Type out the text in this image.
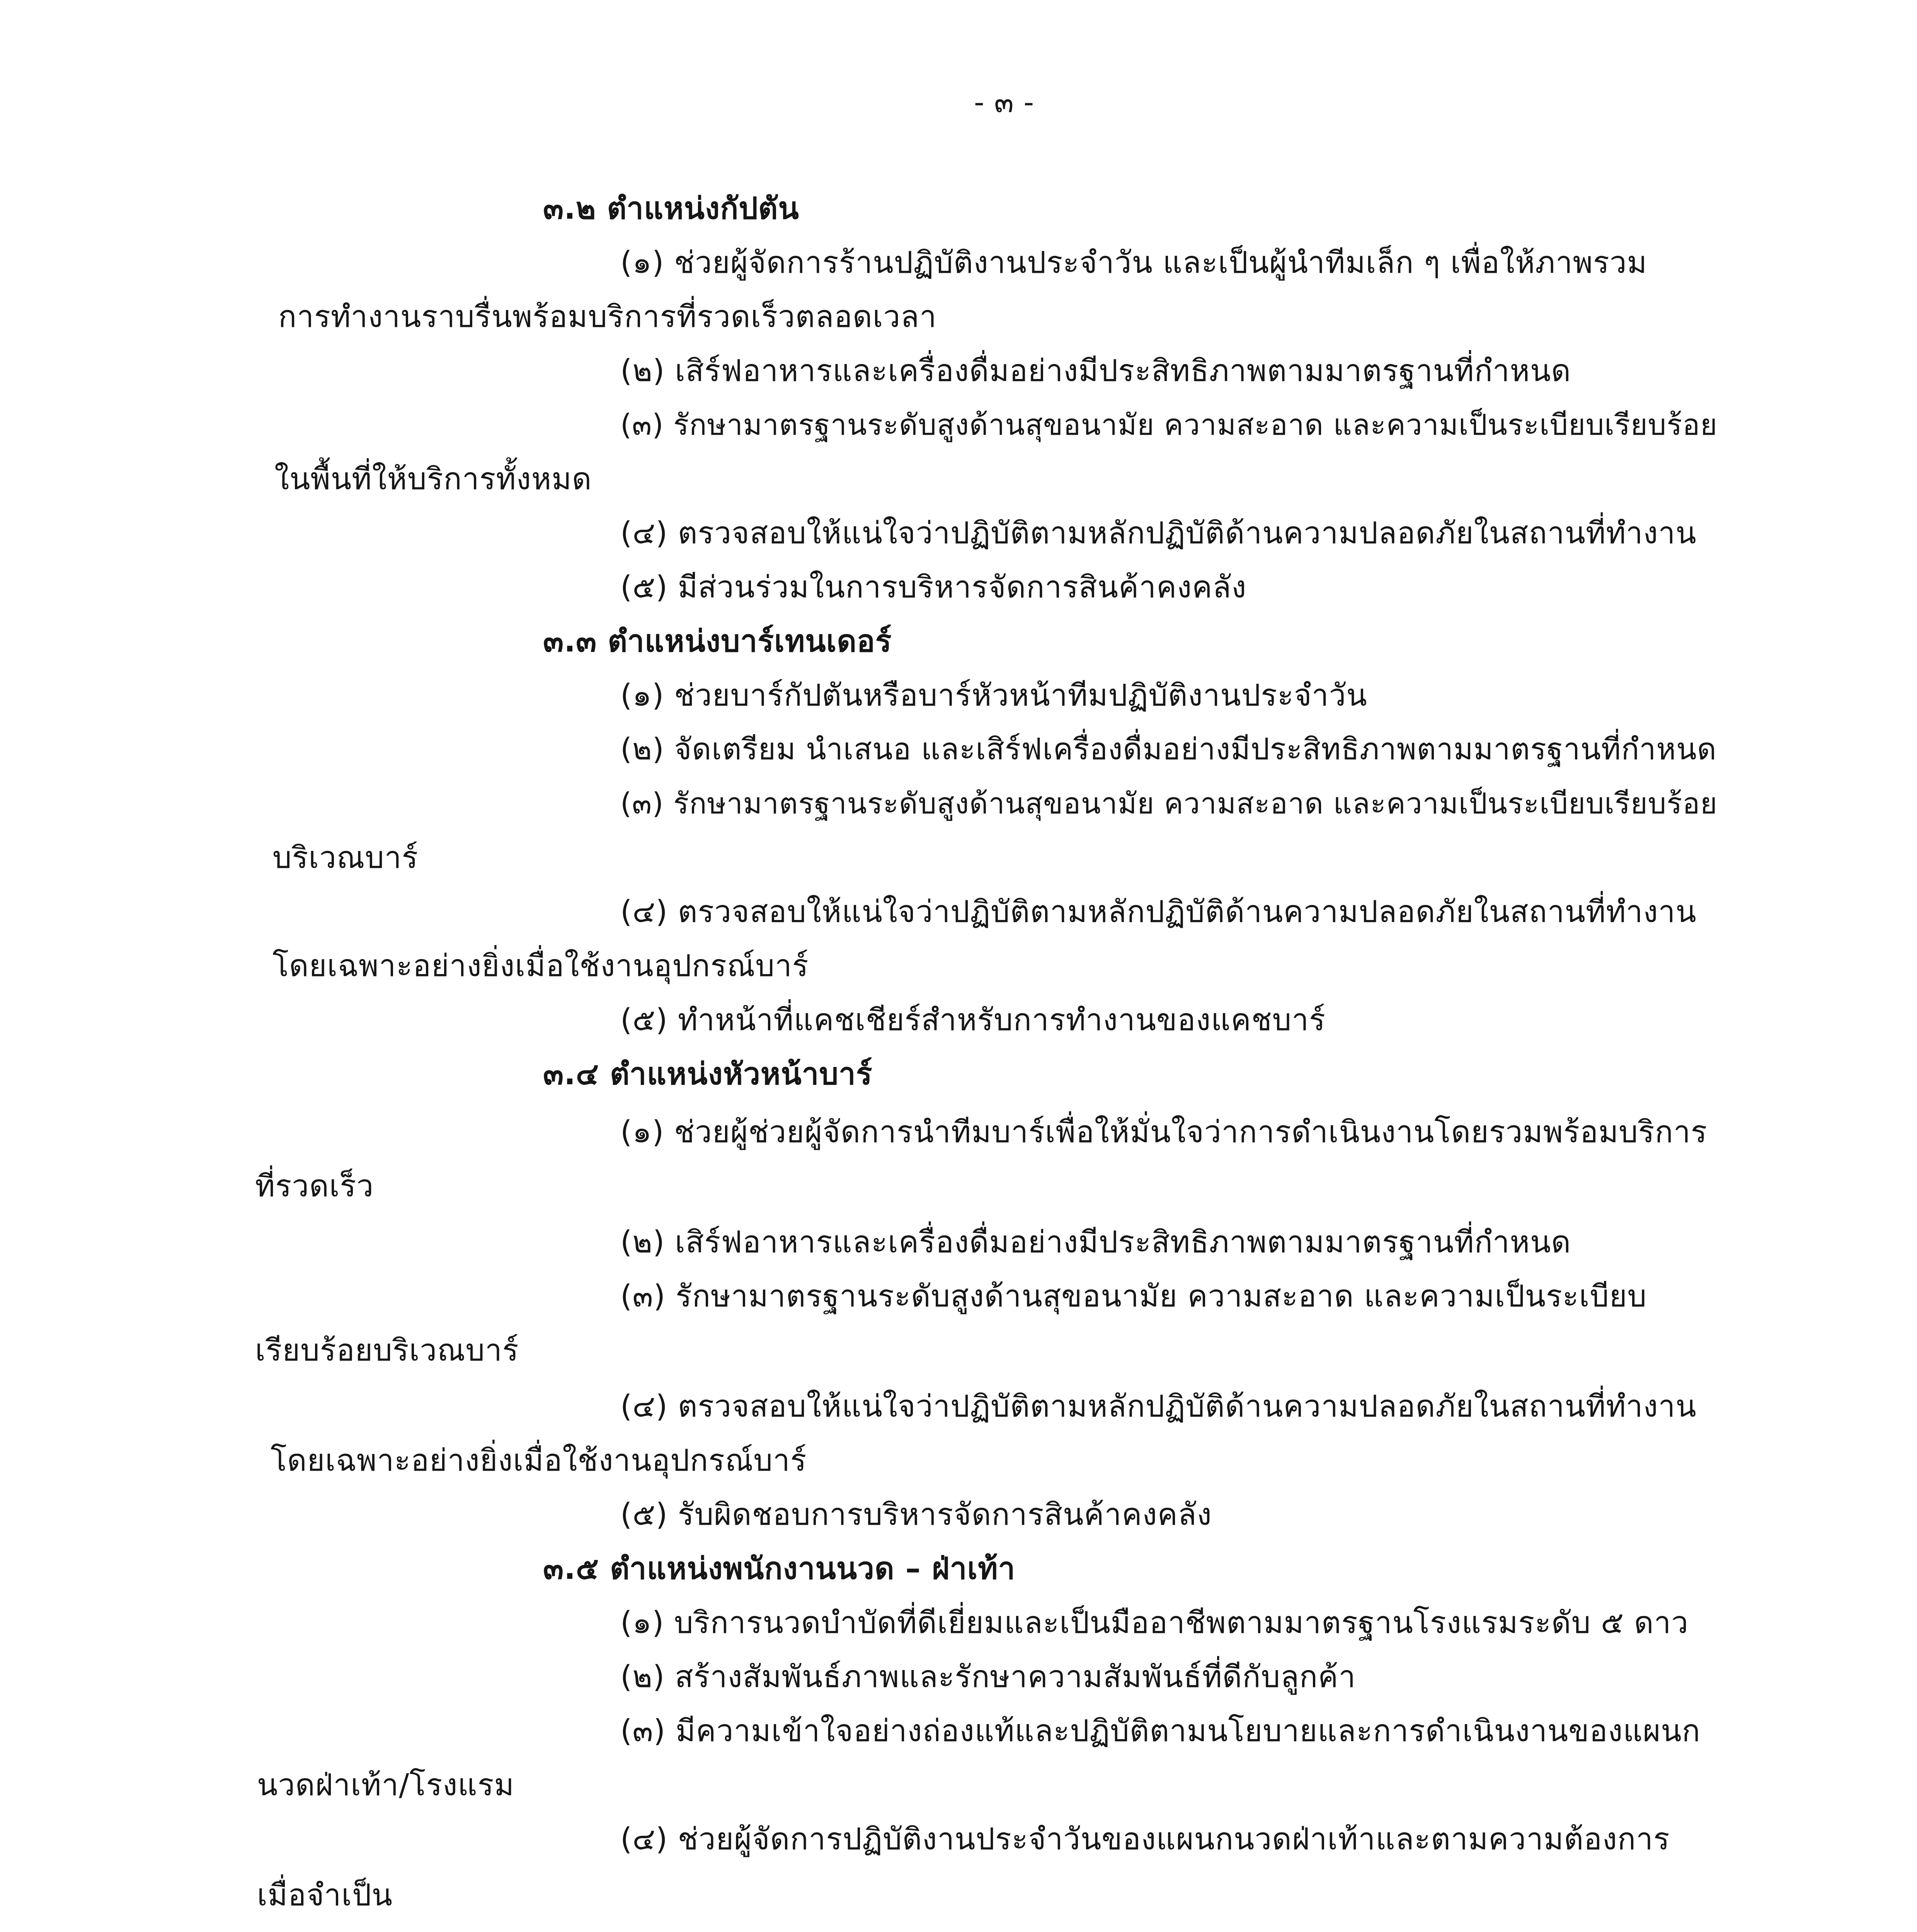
- ๓ -
๓.๒ ตำแหน่งกัปตัน
(๑) ช่วยผู้จัดการร้านปฏิบัติงานประจำวัน และเป็นผู้นำทีมเล็ก ๆ เพื่อให้ภาพรวม
การทำงานราบรื่นพร้อมบริการที่รวดเร็วตลอดเวลา
(๒) เสิร์ฟอาหารและเครื่องดื่มอย่างมีประสิทธิภาพตามมาตรฐานที่กำหนด
(๓) รักษามาตรฐานระดับสูงด้านสุขอนามัย ความสะอาด และความเป็นระเบียบเรียบร้อย
ในพื้นที่ให้บริการทั้งหมด
(๔) ตรวจสอบให้แน่ใจว่าปฏิบัติตามหลักปฏิบัติด้านความปลอดภัยในสถานที่ทำงาน
(๕) มีส่วนร่วมในการบริหารจัดการสินค้าคงคลัง
๓.๓ ตำแหน่งบาร์เทนเดอร์
(๑) ช่วยบาร์กัปตันหรือบาร์หัวหน้าทีมปฏิบัติงานประจำวัน
(๒) จัดเตรียม นำเสนอ และเสิร์ฟเครื่องดื่มอย่างมีประสิทธิภาพตามมาตรฐานที่กำหนด
(๓) รักษามาตรฐานระดับสูงด้านสุขอนามัย ความสะอาด และความเป็นระเบียบเรียบร้อย
บริเวณบาร์
(๔) ตรวจสอบให้แน่ใจว่าปฏิบัติตามหลักปฏิบัติด้านความปลอดภัยในสถานที่ทำงาน
โดยเฉพาะอย่างยิ่งเมื่อใช้งานอุปกรณ์บาร์
(๕) ทำหน้าที่แคชเชียร์สำหรับการทำงานของแคชบาร์
๓.๔ ตำแหน่งหัวหน้าบาร์
(๑) ช่วยผู้ช่วยผู้จัดการนำทีมบาร์เพื่อให้มั่นใจว่าการดำเนินงานโดยรวมพร้อมบริการ
ที่รวดเร็ว
(๒) เสิร์ฟอาหารและเครื่องดื่มอย่างมีประสิทธิภาพตามมาตรฐานที่กำหนด
(๓) รักษามาตรฐานระดับสูงด้านสุขอนามัย ความสะอาด และความเป็นระเบียบ
เรียบร้อยบริเวณบาร์
(๔) ตรวจสอบให้แน่ใจว่าปฏิบัติตามหลักปฏิบัติด้านความปลอดภัยในสถานที่ทำงาน
โดยเฉพาะอย่างยิ่งเมื่อใช้งานอุปกรณ์บาร์
(๕) รับผิดชอบการบริหารจัดการสินค้าคงคลัง
๓.๕ ตำแหน่งพนักงานนวด – ฝ่าเท้า
(๑) บริการนวดบำบัดที่ดีเยี่ยมและเป็นมืออาชีพตามมาตรฐานโรงแรมระดับ ๕ ดาว
(๒) สร้างสัมพันธ์ภาพและรักษาความสัมพันธ์ที่ดีกับลูกค้า
(๓) มีความเข้าใจอย่างถ่องแท้และปฏิบัติตามนโยบายและการดำเนินงานของแผนก
นวดฝ่าเท้า/โรงแรม
(๔) ช่วยผู้จัดการปฏิบัติงานประจำวันของแผนกนวดฝ่าเท้าและตามความต้องการ
เมื่อจำเป็น
